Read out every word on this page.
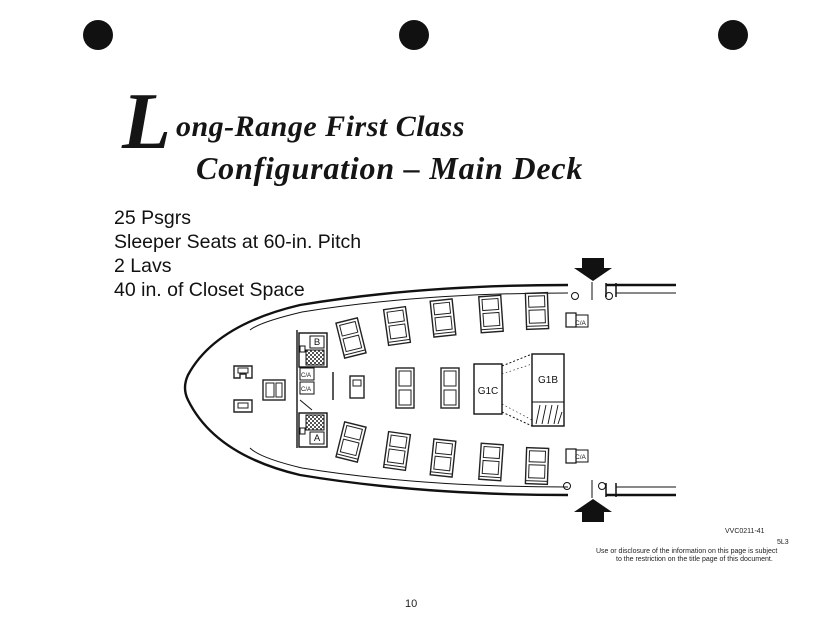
L ong-Range First Class
Configuration – Main Deck
25 Psgrs
Sleeper Seats at 60-in. Pitch
2 Lavs
40 in. of Closet Space
B
A
C/A
C/A	G1C
G1B
C/A
C/A
VVC0211-41
5L3
Use or disclosure of the information on this page is subject
to the restriction on the title page of this document.
10
